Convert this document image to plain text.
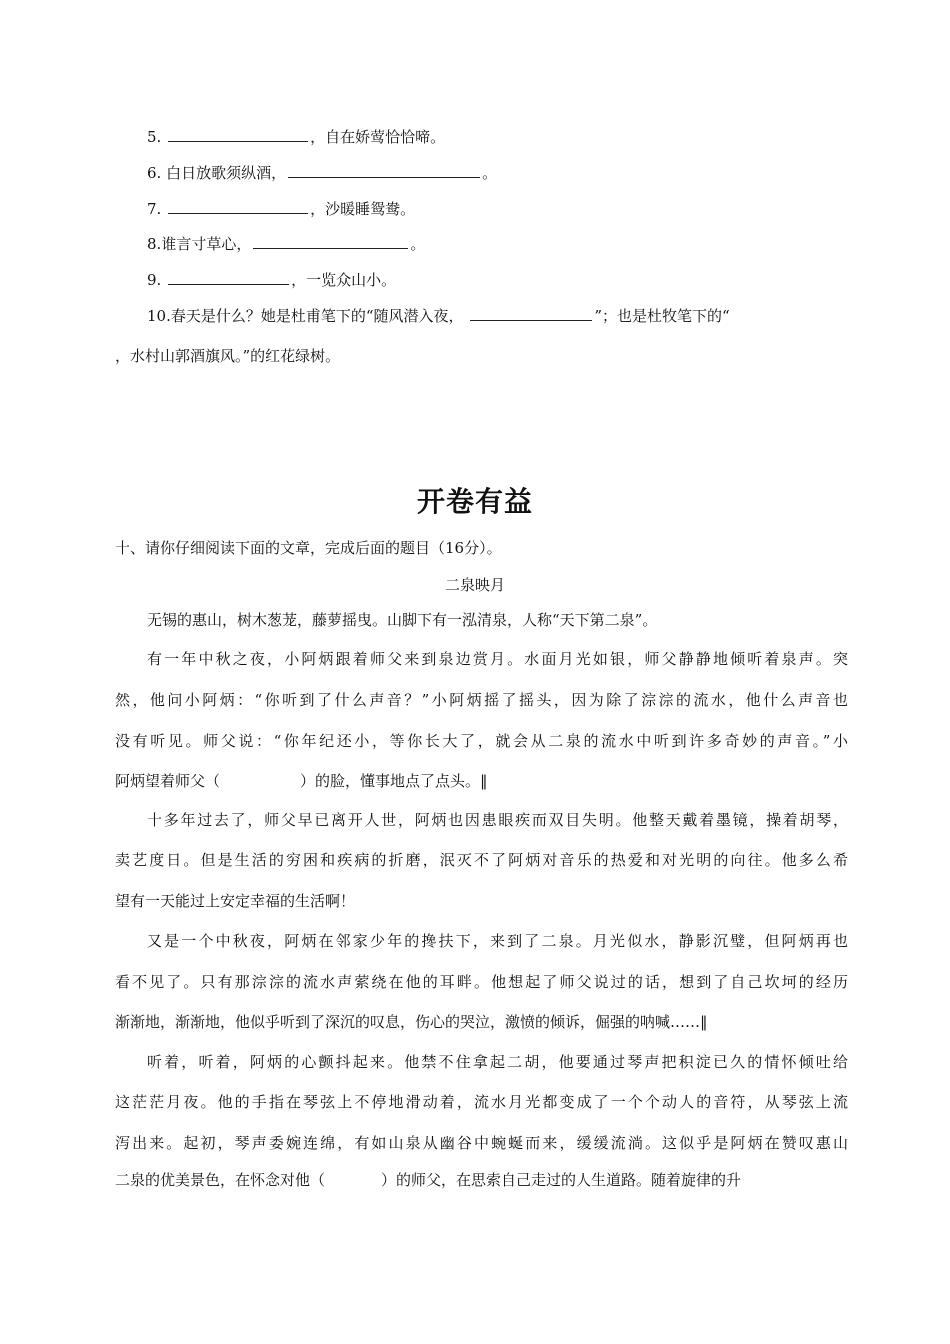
5.	，自在娇莺恰恰啼。
6. 白日放歌须纵酒，	。
7.	，沙暖睡鸳鸯。
8.谁言寸草心，	。
9.	，一览众山小。
10.春天是什么？她是杜甫笔下的“随风潜入夜，	”；也是杜牧笔下的“
，水村山郭酒旗风。”的红花绿树。
开卷有益
十、请你仔细阅读下面的文章，完成后面的题目（16分）。
二泉映月
无锡的惠山，树木葱茏，藤萝摇曳。山脚下有一泓清泉，人称“天下第二泉”。
有一年中秋之夜，小阿炳跟着师父来到泉边赏月。水面月光如银，师父静静地倾听着泉声。突
然，他问小阿炳：“你听到了什么声音？”小阿炳摇了摇头，因为除了淙淙的流水，他什么声音也
没有听见。师父说：“你年纪还小，等你长大了，就会从二泉的流水中听到许多奇妙的声音。”小
阿炳望着师父（	）的脸，懂事地点了点头。‖
十多年过去了，师父早已离开人世，阿炳也因患眼疾而双目失明。他整天戴着墨镜，操着胡琴，
卖艺度日。但是生活的穷困和疾病的折磨，泯灭不了阿炳对音乐的热爱和对光明的向往。他多么希
望有一天能过上安定幸福的生活啊！
又是一个中秋夜，阿炳在邻家少年的搀扶下，来到了二泉。月光似水，静影沉璧，但阿炳再也
看不见了。只有那淙淙的流水声萦绕在他的耳畔。他想起了师父说过的话，想到了自己坎坷的经历
渐渐地，渐渐地，他似乎听到了深沉的叹息，伤心的哭泣，激愤的倾诉，倔强的呐喊……‖
听着，听着，阿炳的心颤抖起来。他禁不住拿起二胡，他要通过琴声把积淀已久的情怀倾吐给
这茫茫月夜。他的手指在琴弦上不停地滑动着，流水月光都变成了一个个动人的音符，从琴弦上流
泻出来。起初，琴声委婉连绵，有如山泉从幽谷中蜿蜒而来，缓缓流淌。这似乎是阿炳在赞叹惠山
二泉的优美景色，在怀念对他（	）的师父，在思索自己走过的人生道路。随着旋律的升
